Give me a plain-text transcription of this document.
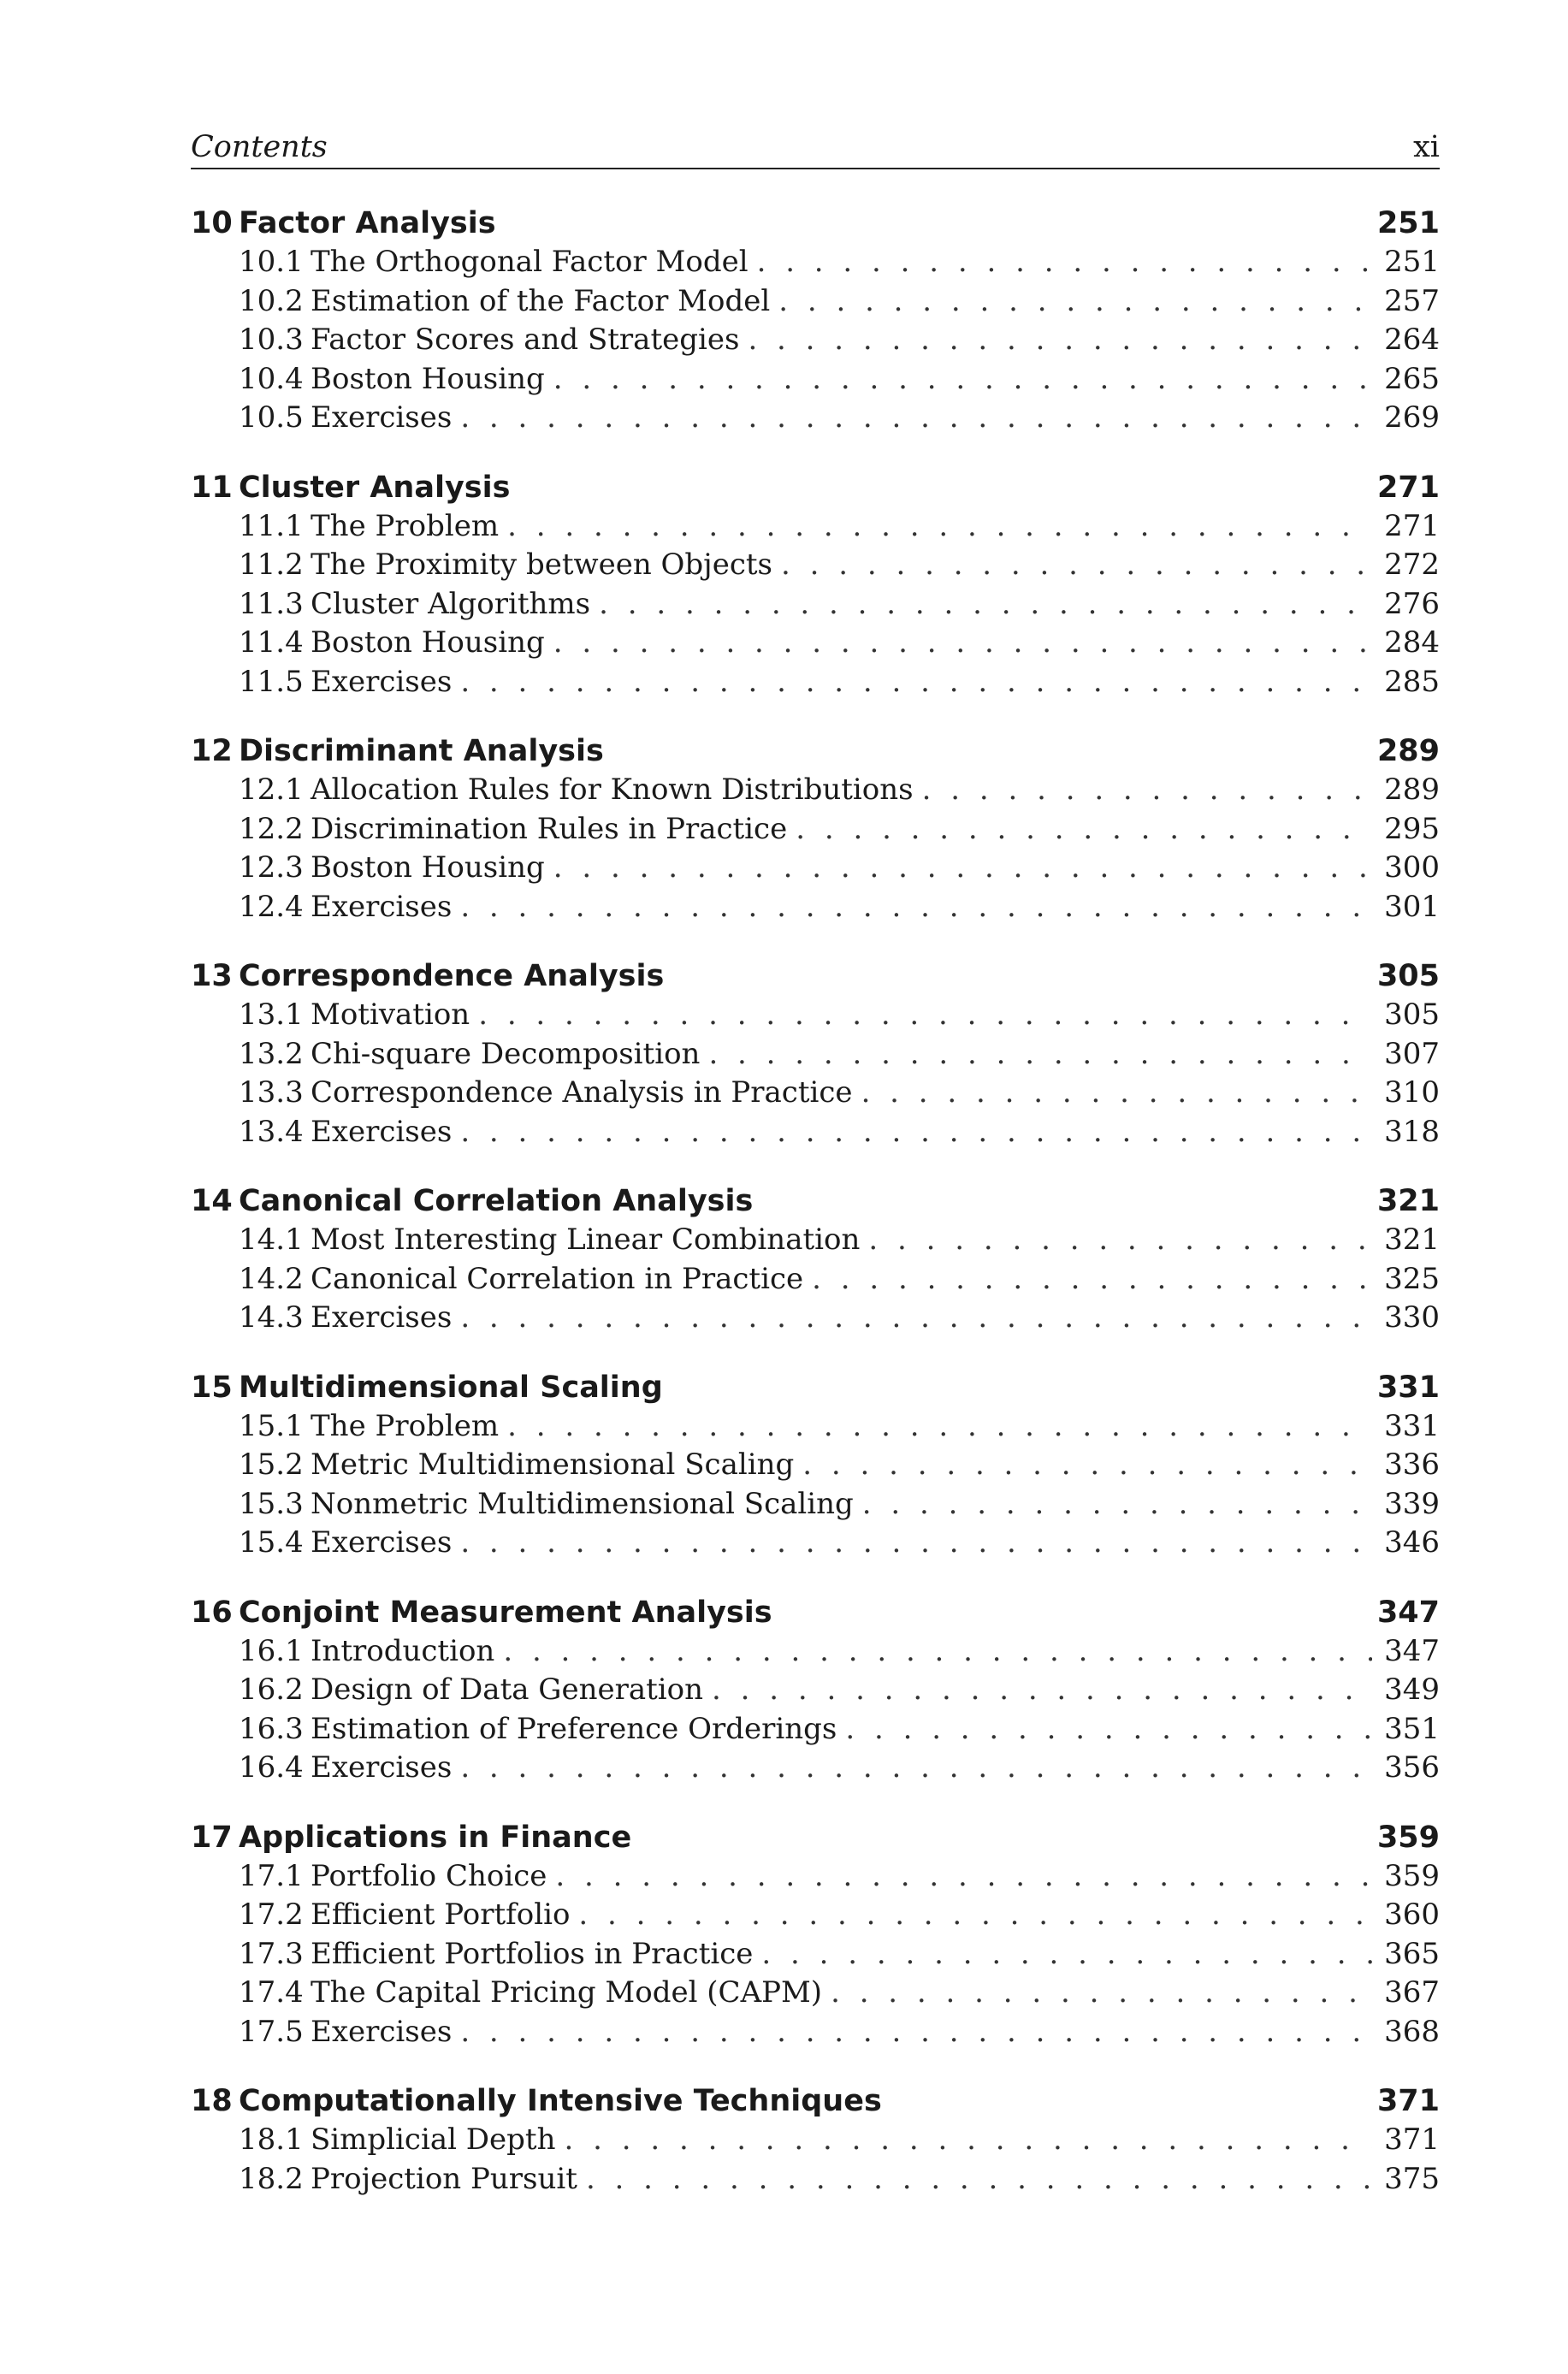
Contents	xi
10 Factor Analysis	251
10.1 The Orthogonal Factor Model . . .	251
10.2 Estimation of the Factor Model . . .	257
10.3 Factor Scores and Strategies . . .	264
10.4 Boston Housing . . .	265
10.5 Exercises . . .	269
11 Cluster Analysis	271
11.1 The Problem . . .	271
11.2 The Proximity between Objects . . .	272
11.3 Cluster Algorithms . . .	276
11.4 Boston Housing . . .	284
11.5 Exercises . . .	285
12 Discriminant Analysis	289
12.1 Allocation Rules for Known Distributions . . .	289
12.2 Discrimination Rules in Practice . . .	295
12.3 Boston Housing . . .	300
12.4 Exercises . . .	301
13 Correspondence Analysis	305
13.1 Motivation . . .	305
13.2 Chi-square Decomposition . . .	307
13.3 Correspondence Analysis in Practice . . .	310
13.4 Exercises . . .	318
14 Canonical Correlation Analysis	321
14.1 Most Interesting Linear Combination . . .	321
14.2 Canonical Correlation in Practice . . .	325
14.3 Exercises . . .	330
15 Multidimensional Scaling	331
15.1 The Problem . . .	331
15.2 Metric Multidimensional Scaling . . .	336
15.3 Nonmetric Multidimensional Scaling . . .	339
15.4 Exercises . . .	346
16 Conjoint Measurement Analysis	347
16.1 Introduction . . .	347
16.2 Design of Data Generation . . .	349
16.3 Estimation of Preference Orderings . . .	351
16.4 Exercises . . .	356
17 Applications in Finance	359
17.1 Portfolio Choice . . .	359
17.2 Efficient Portfolio . . .	360
17.3 Efficient Portfolios in Practice . . .	365
17.4 The Capital Pricing Model (CAPM) . . .	367
17.5 Exercises . . .	368
18 Computationally Intensive Techniques	371
18.1 Simplicial Depth . . .	371
18.2 Projection Pursuit . . .	375
